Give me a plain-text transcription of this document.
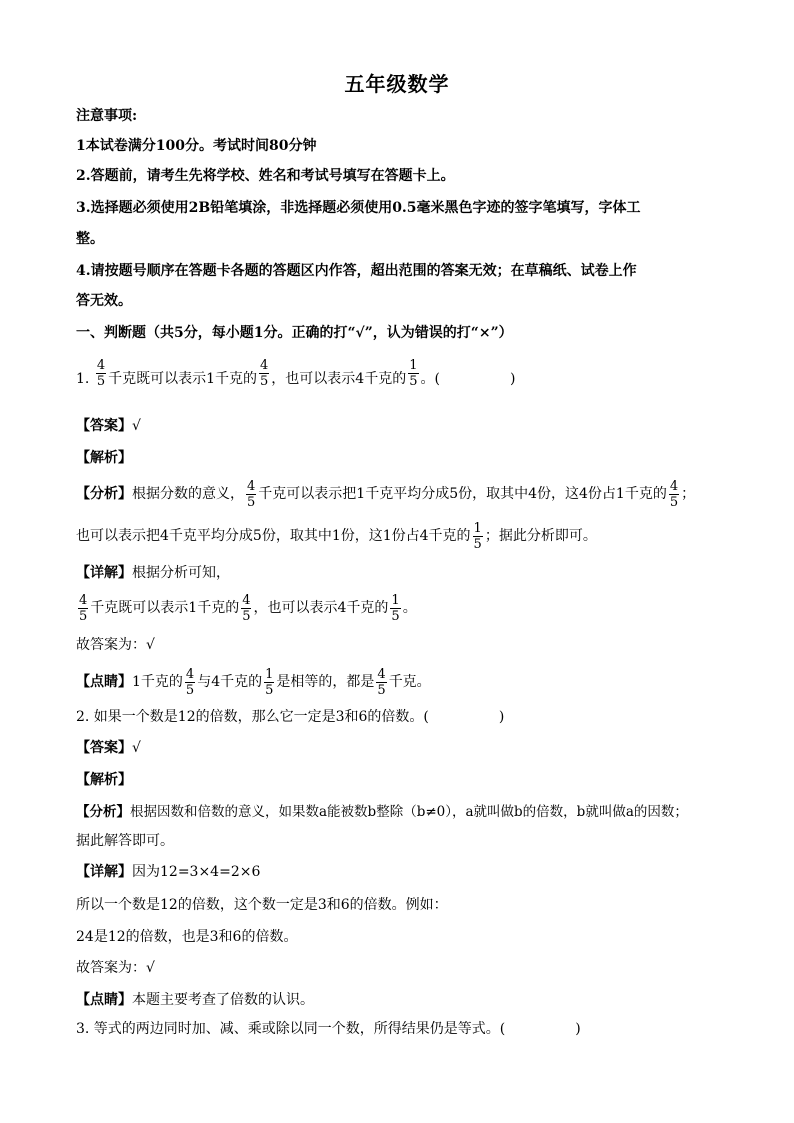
五年级数学
注意事项:
1本试卷满分100分。考试时间80分钟
2.答题前，请考生先将学校、姓名和考试号填写在答题卡上。
3.选择题必须使用2B铅笔填涂，非选择题必须使用0.5毫米黑色字迹的签字笔填写，字体工
整。
4.请按题号顺序在答题卡各题的答题区内作答，超出范围的答案无效；在草稿纸、试卷上作
答无效。
一、判断题（共5分，每小题1分。正确的打“√”，认为错误的打“×”）
1. $\frac{4}{5}$ 千克既可以表示1千克的 $\frac{4}{5}$ ，也可以表示4千克的 $\frac{1}{5}$ 。(	)
【答案】√
【解析】
【分析】根据分数的意义， $\frac{4}{5}$ 千克可以表示把1千克平均分成5份，取其中4份，这4份占1千克的 $\frac{4}{5}$ ；
也可以表示把4千克平均分成5份，取其中1份，这1份占4千克的 $\frac{1}{5}$ ；据此分析即可。
【详解】根据分析可知，
$\frac{4}{5}$ 千克既可以表示1千克的 $\frac{4}{5}$ ，也可以表示4千克的 $\frac{1}{5}$ 。
故答案为：√
【点睛】1千克的 $\frac{4}{5}$ 与4千克的 $\frac{1}{5}$ 是相等的，都是 $\frac{4}{5}$ 千克。
2. 如果一个数是12的倍数，那么它一定是3和6的倍数。(	)
【答案】√
【解析】
【分析】根据因数和倍数的意义，如果数a能被数b整除（b≠0），a就叫做b的倍数，b就叫做a的因数；
据此解答即可。
【详解】因为12=3×4=2×6
所以一个数是12的倍数，这个数一定是3和6的倍数。例如：
24是12的倍数，也是3和6的倍数。
故答案为：√
【点睛】本题主要考查了倍数的认识。
3. 等式的两边同时加、减、乘或除以同一个数，所得结果仍是等式。(	)
